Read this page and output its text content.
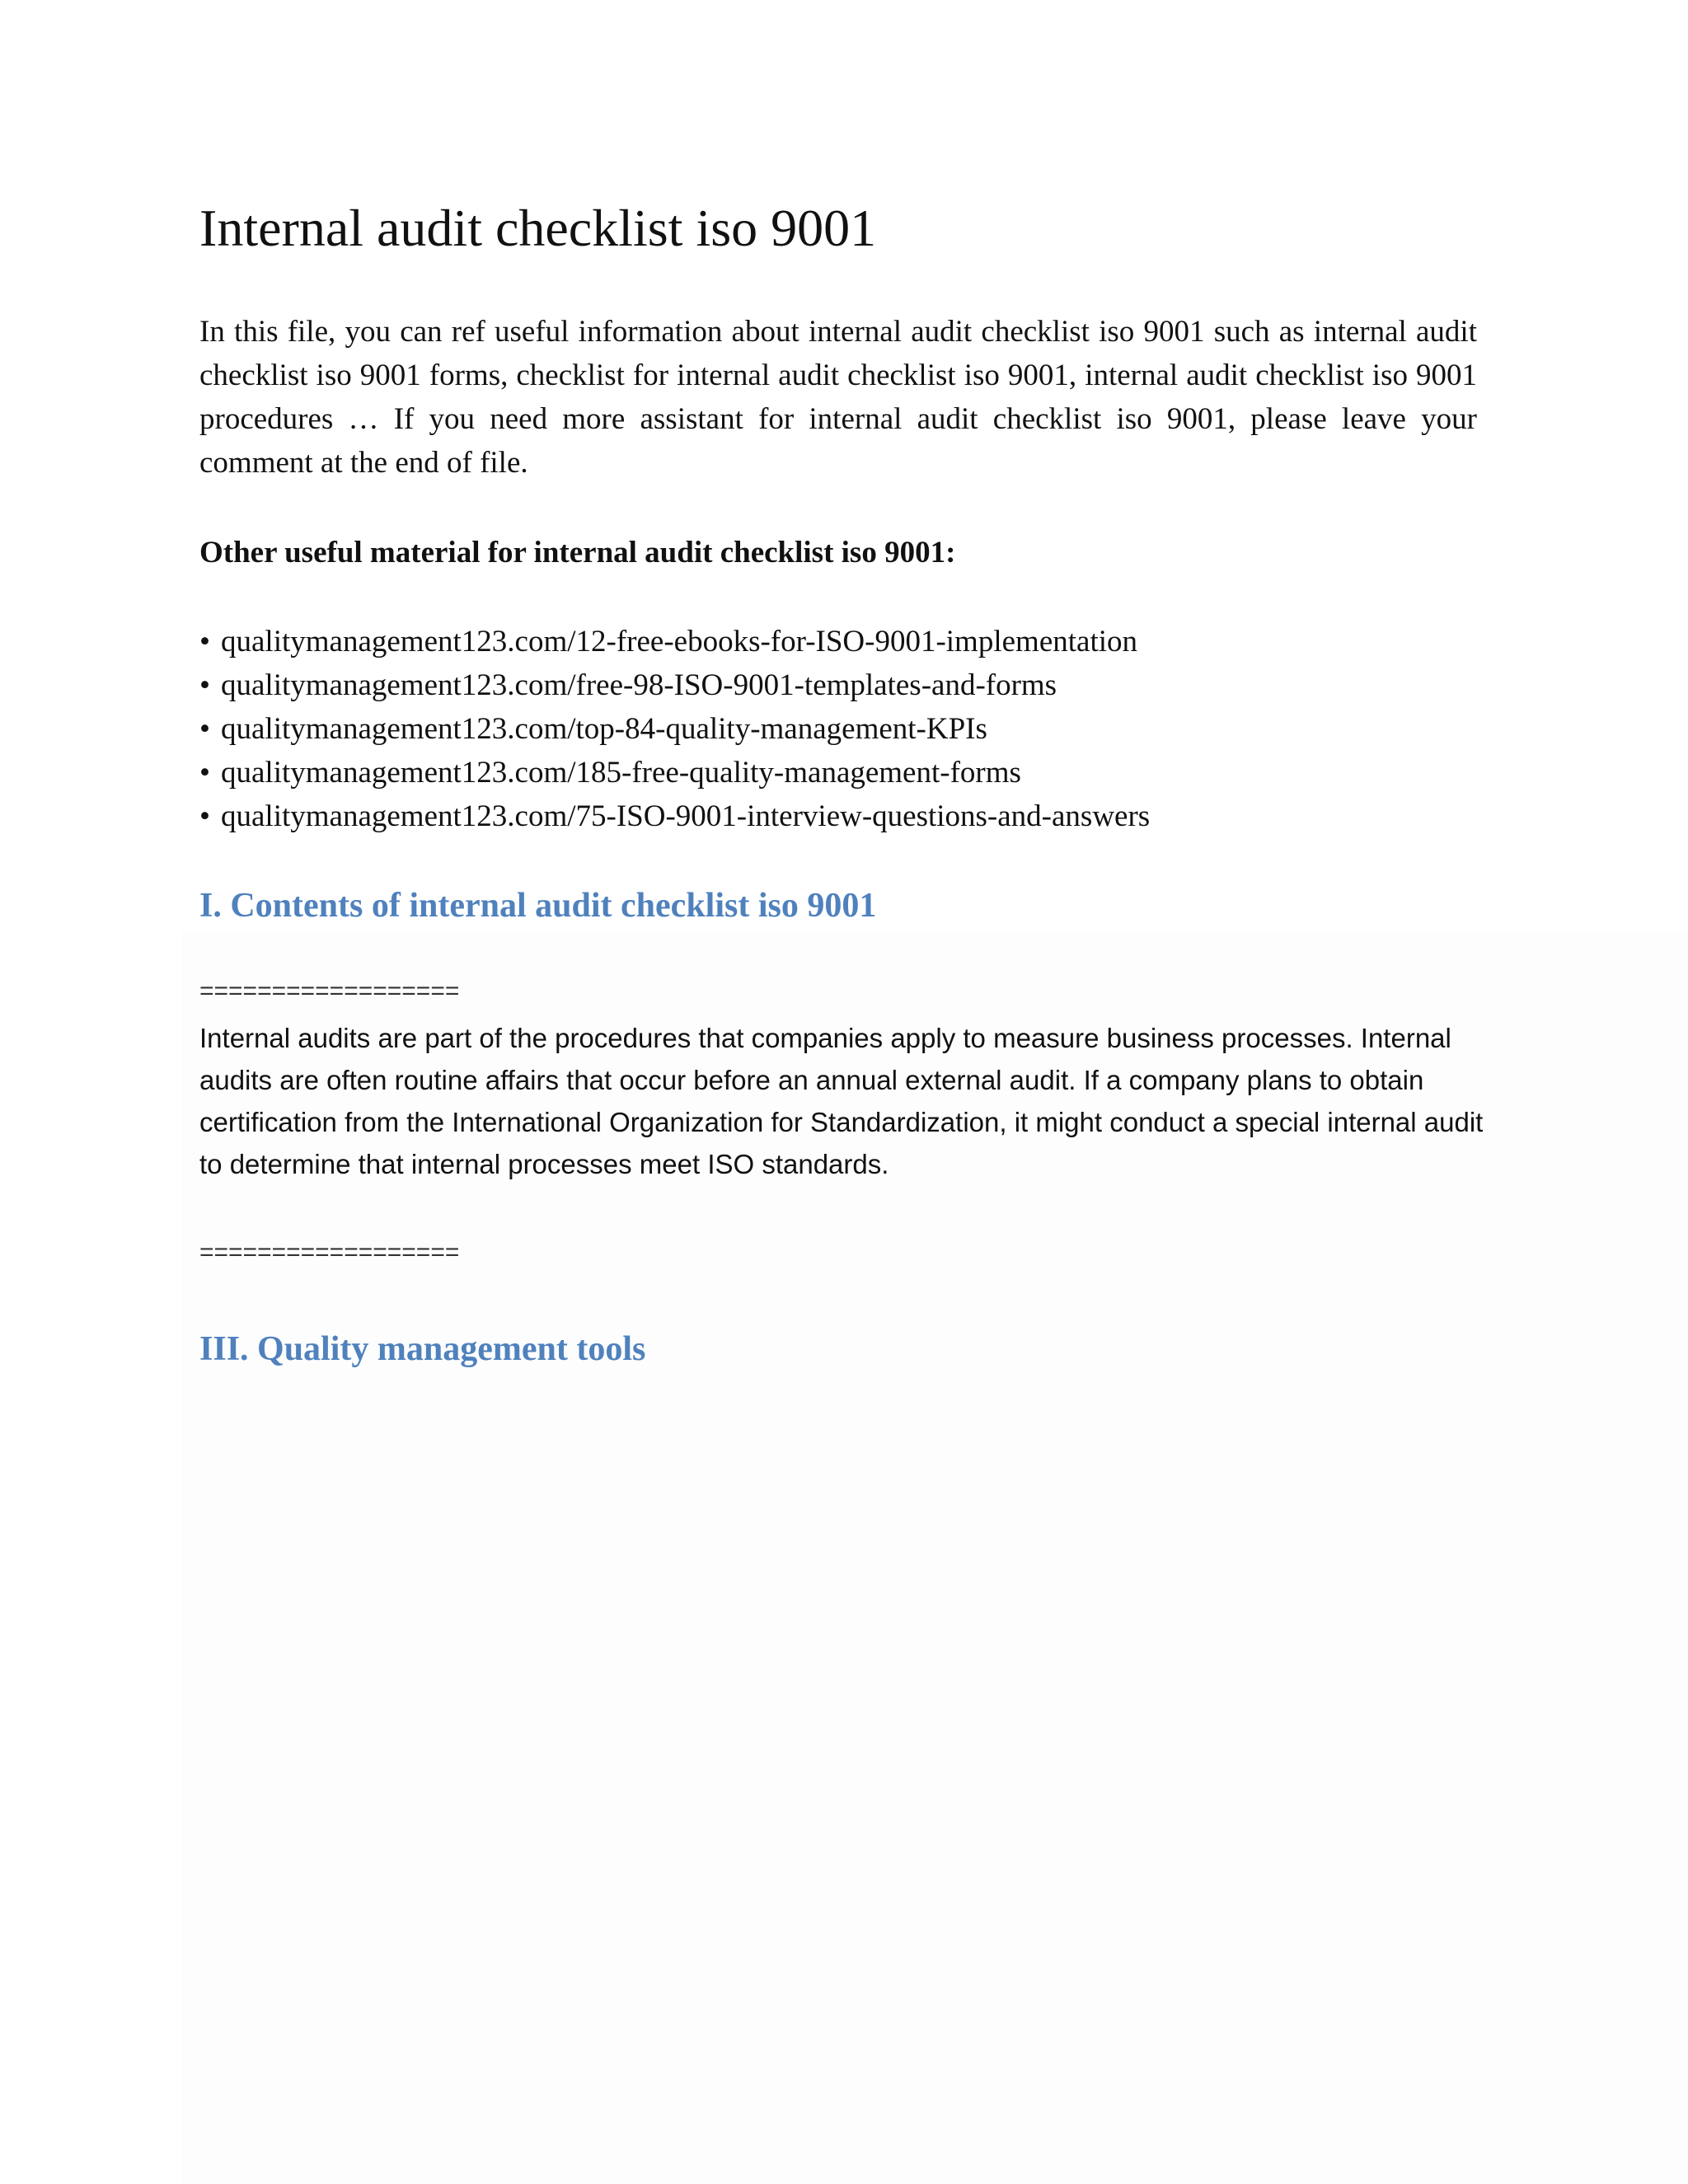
Internal audit checklist iso 9001
In this file, you can ref useful information about internal audit checklist iso 9001 such as internal audit checklist iso 9001 forms, checklist for internal audit checklist iso 9001, internal audit checklist iso 9001 procedures … If you need more assistant for internal audit checklist iso 9001, please leave your comment at the end of file.
Other useful material for internal audit checklist iso 9001:
• qualitymanagement123.com/12-free-ebooks-for-ISO-9001-implementation
• qualitymanagement123.com/free-98-ISO-9001-templates-and-forms
• qualitymanagement123.com/top-84-quality-management-KPIs
• qualitymanagement123.com/185-free-quality-management-forms
• qualitymanagement123.com/75-ISO-9001-interview-questions-and-answers
I. Contents of internal audit checklist iso 9001
==================
Internal audits are part of the procedures that companies apply to measure business processes. Internal audits are often routine affairs that occur before an annual external audit. If a company plans to obtain certification from the International Organization for Standardization, it might conduct a special internal audit to determine that internal processes meet ISO standards.
==================
III. Quality management tools
